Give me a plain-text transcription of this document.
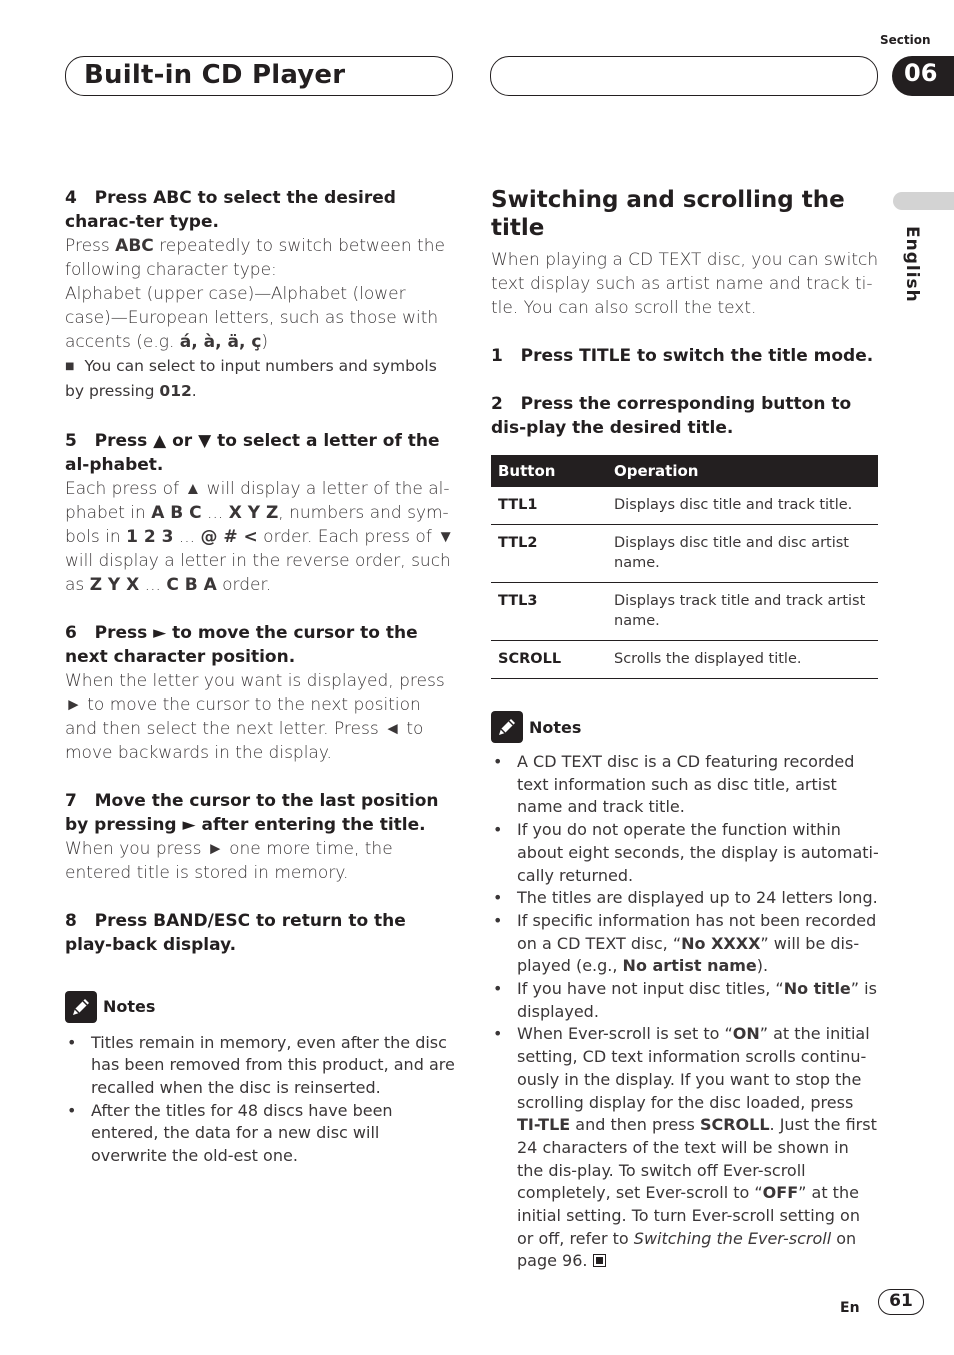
Built-in CD Player
Section
06
English

4 Press ABC to select the desired charac-ter type.

Press ABC repeatedly to switch between the following character type:

Alphabet (upper case)—Alphabet (lower case)—European letters, such as those with accents (e.g. á, à, ä, ç)

■ You can select to input numbers and symbols by pressing 012.

5 Press ▲ or ▼ to select a letter of the al-phabet.

Each press of ▲ will display a letter of the al-phabet in A B C ... X Y Z, numbers and sym-bols in 1 2 3 ... @ # < order. Each press of ▼ will display a letter in the reverse order, such as Z Y X ... C B A order.

6 Press ► to move the cursor to the next character position.

When the letter you want is displayed, press ► to move the cursor to the next position and then select the next letter. Press ◄ to move backwards in the display.

7 Move the cursor to the last position by pressing ► after entering the title.

When you press ► one more time, the entered title is stored in memory.

8 Press BAND/ESC to return to the play-back display.

Notes
• Titles remain in memory, even after the disc has been removed from this product, and are recalled when the disc is reinserted.
• After the titles for 48 discs have been entered, the data for a new disc will overwrite the old-est one.
Switching and scrolling the title

When playing a CD TEXT disc, you can switch text display such as artist name and track ti-tle. You can also scroll the text.

1 Press TITLE to switch the title mode.

2 Press the corresponding button to dis-play the desired title.

Button	Operation
TTL1	Displays disc title and track title.
TTL2	Displays disc title and disc artist name.
TTL3	Displays track title and track artist name.
SCROLL	Scrolls the displayed title.
Notes
• A CD TEXT disc is a CD featuring recorded text information such as disc title, artist name and track title.
• If you do not operate the function within about eight seconds, the display is automati-cally returned.
• The titles are displayed up to 24 letters long.
• If specific information has not been recorded on a CD TEXT disc, “No XXXX” will be dis-played (e.g., No artist name).
• If you have not input disc titles, “No title” is displayed.
• When Ever-scroll is set to “ON” at the initial setting, CD text information scrolls continu-ously in the display. If you want to stop the scrolling display for the disc loaded, press TI-TLE and then press SCROLL. Just the first 24 characters of the text will be shown in the dis-play. To switch off Ever-scroll completely, set Ever-scroll to “OFF” at the initial setting. To turn Ever-scroll setting on or off, refer to Switching the Ever-scroll on page 96.
En	61
